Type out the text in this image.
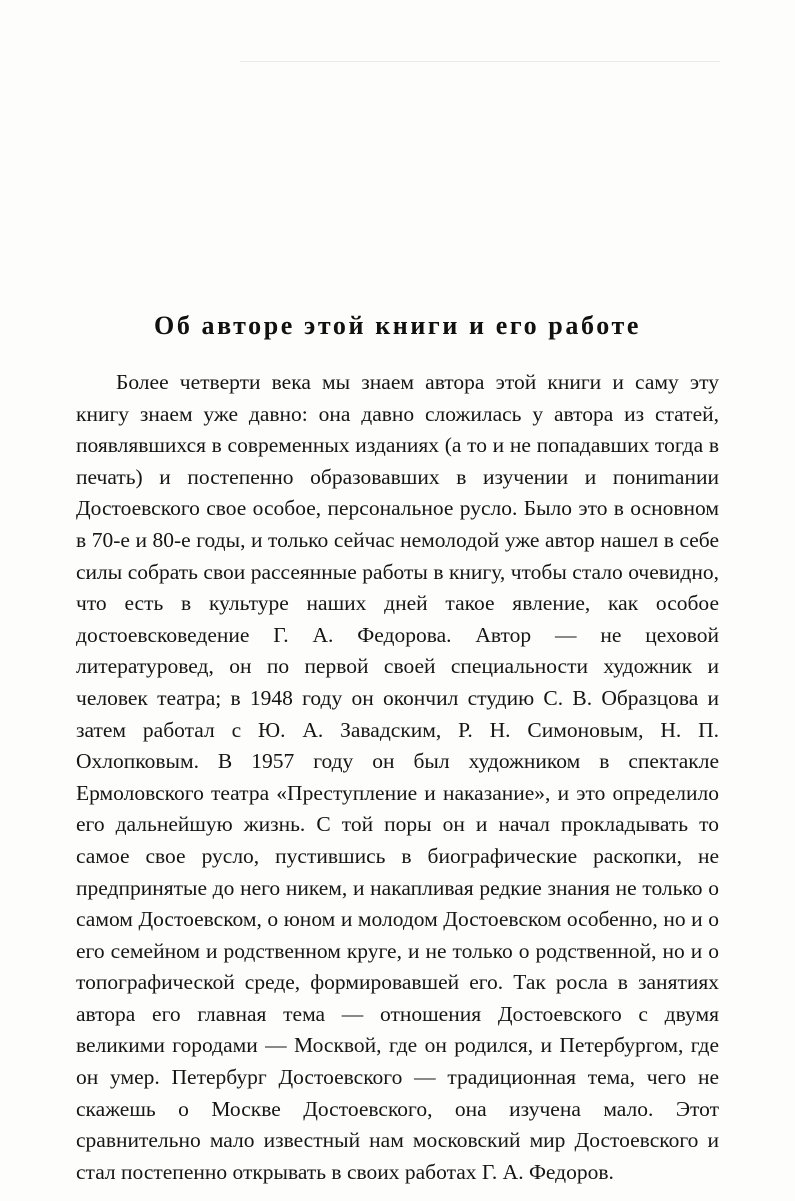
Об авторе этой книги и его работе

Более четверти века мы знаем автора этой книги и саму эту книгу знаем уже давно: она давно сложилась у автора из статей, появлявшихся в современных изданиях (а то и не попадавших тогда в печать) и постепенно образовавших в изучении и пониmании Достоевского свое особое, персональное русло. Было это в основном в 70-е и 80-е годы, и только сейчас немолодой уже автор нашел в себе силы собрать свои рассеянные работы в книгу, чтобы стало очевидно, что есть в культуре наших дней такое явление, как особое достоевсковедение Г. А. Федорова. Автор — не цеховой литературовед, он по первой своей специальности художник и человек театра; в 1948 году он окончил студию С. В. Образцова и затем работал с Ю. А. Завадским, Р. Н. Симоновым, Н. П. Охлопковым. В 1957 году он был художником в спектакле Ермоловского театра «Преступление и наказание», и это определило его дальнейшую жизнь. С той поры он и начал прокладывать то самое свое русло, пустившись в биографические раскопки, не предпринятые до него никем, и накапливая редкие знания не только о самом Достоевском, о юном и молодом Достоевском особенно, но и о его семейном и родственном круге, и не только о родственной, но и о топографической среде, формировавшей его. Так росла в занятиях автора его главная тема — отношения Достоевского с двумя великими городами — Москвой, где он родился, и Петербургом, где он умер. Петербург Достоевского — традиционная тема, чего не скажешь о Москве Достоевского, она изучена мало. Этот сравнительно мало известный нам московский мир Достоевского и стал постепенно открывать в своих работах Г. А. Федоров.
